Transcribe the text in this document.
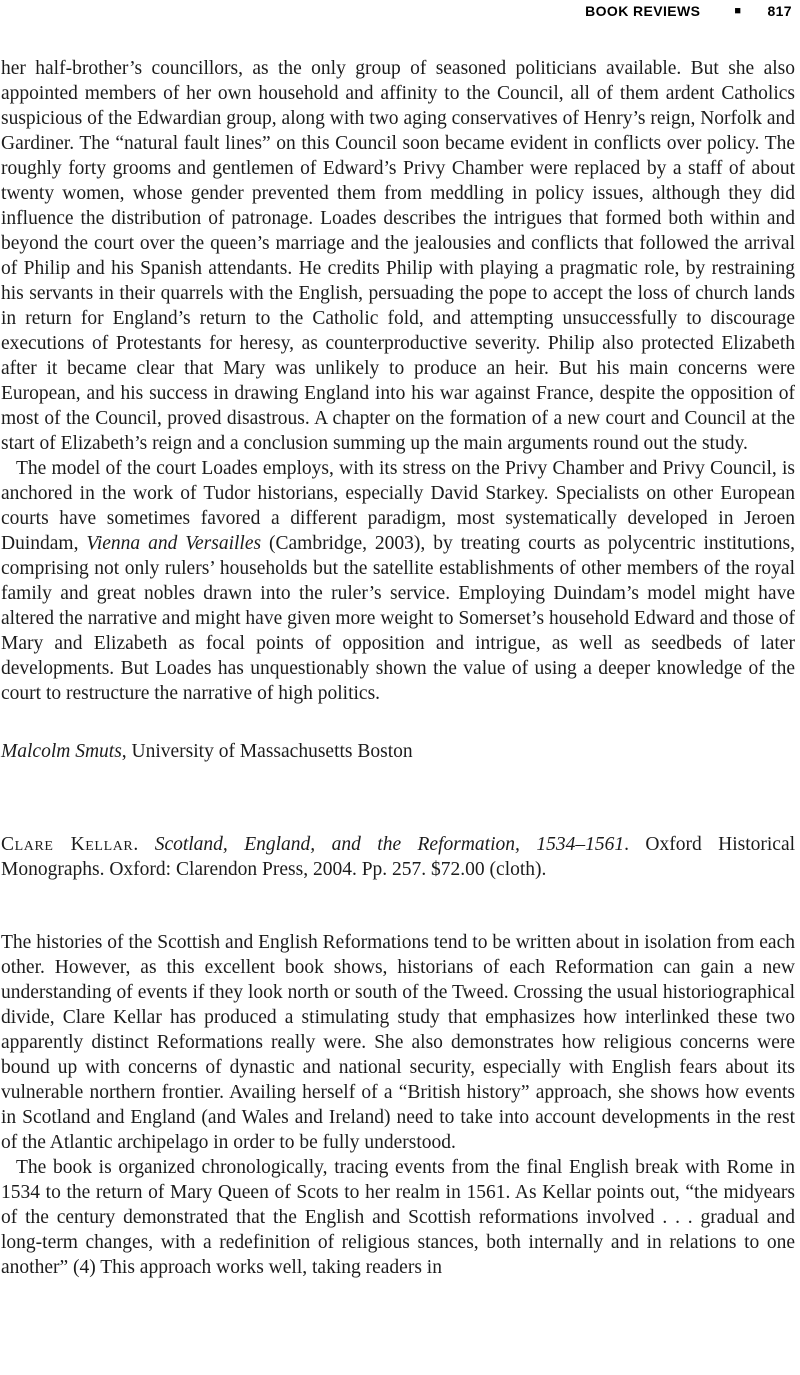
BOOK REVIEWS	■ 817

her half-brother’s councillors, as the only group of seasoned politicians available. But she also appointed members of her own household and affinity to the Council, all of them ardent Catholics suspicious of the Edwardian group, along with two aging conservatives of Henry’s reign, Norfolk and Gardiner. The “natural fault lines” on this Council soon became evident in conflicts over policy. The roughly forty grooms and gentlemen of Edward’s Privy Chamber were replaced by a staff of about twenty women, whose gender prevented them from meddling in policy issues, although they did influence the distribution of patronage. Loades describes the intrigues that formed both within and beyond the court over the queen’s marriage and the jealousies and conflicts that followed the arrival of Philip and his Spanish attendants. He credits Philip with playing a pragmatic role, by restraining his servants in their quarrels with the English, persuading the pope to accept the loss of church lands in return for England’s return to the Catholic fold, and attempting unsuccessfully to discourage executions of Protestants for heresy, as counterproductive severity. Philip also protected Elizabeth after it became clear that Mary was unlikely to produce an heir. But his main concerns were European, and his success in drawing England into his war against France, despite the opposition of most of the Council, proved disastrous. A chapter on the formation of a new court and Council at the start of Elizabeth’s reign and a conclusion summing up the main arguments round out the study.

The model of the court Loades employs, with its stress on the Privy Chamber and Privy Council, is anchored in the work of Tudor historians, especially David Starkey. Specialists on other European courts have sometimes favored a different paradigm, most systematically developed in Jeroen Duindam, Vienna and Versailles (Cambridge, 2003), by treating courts as polycentric institutions, comprising not only rulers’ households but the satellite establishments of other members of the royal family and great nobles drawn into the ruler’s service. Employing Duindam’s model might have altered the narrative and might have given more weight to Somerset’s household Edward and those of Mary and Elizabeth as focal points of opposition and intrigue, as well as seedbeds of later developments. But Loades has unquestionably shown the value of using a deeper knowledge of the court to restructure the narrative of high politics.

Malcolm Smuts, University of Massachusetts Boston

Clare Kellar. Scotland, England, and the Reformation, 1534–1561. Oxford Historical Monographs. Oxford: Clarendon Press, 2004. Pp. 257. $72.00 (cloth).

The histories of the Scottish and English Reformations tend to be written about in isolation from each other. However, as this excellent book shows, historians of each Reformation can gain a new understanding of events if they look north or south of the Tweed. Crossing the usual historiographical divide, Clare Kellar has produced a stimulating study that emphasizes how interlinked these two apparently distinct Reformations really were. She also demonstrates how religious concerns were bound up with concerns of dynastic and national security, especially with English fears about its vulnerable northern frontier. Availing herself of a “British history” approach, she shows how events in Scotland and England (and Wales and Ireland) need to take into account developments in the rest of the Atlantic archipelago in order to be fully understood.

The book is organized chronologically, tracing events from the final English break with Rome in 1534 to the return of Mary Queen of Scots to her realm in 1561. As Kellar points out, “the midyears of the century demonstrated that the English and Scottish reformations involved . . . gradual and long-term changes, with a redefinition of religious stances, both internally and in relations to one another” (4) This approach works well, taking readers in
